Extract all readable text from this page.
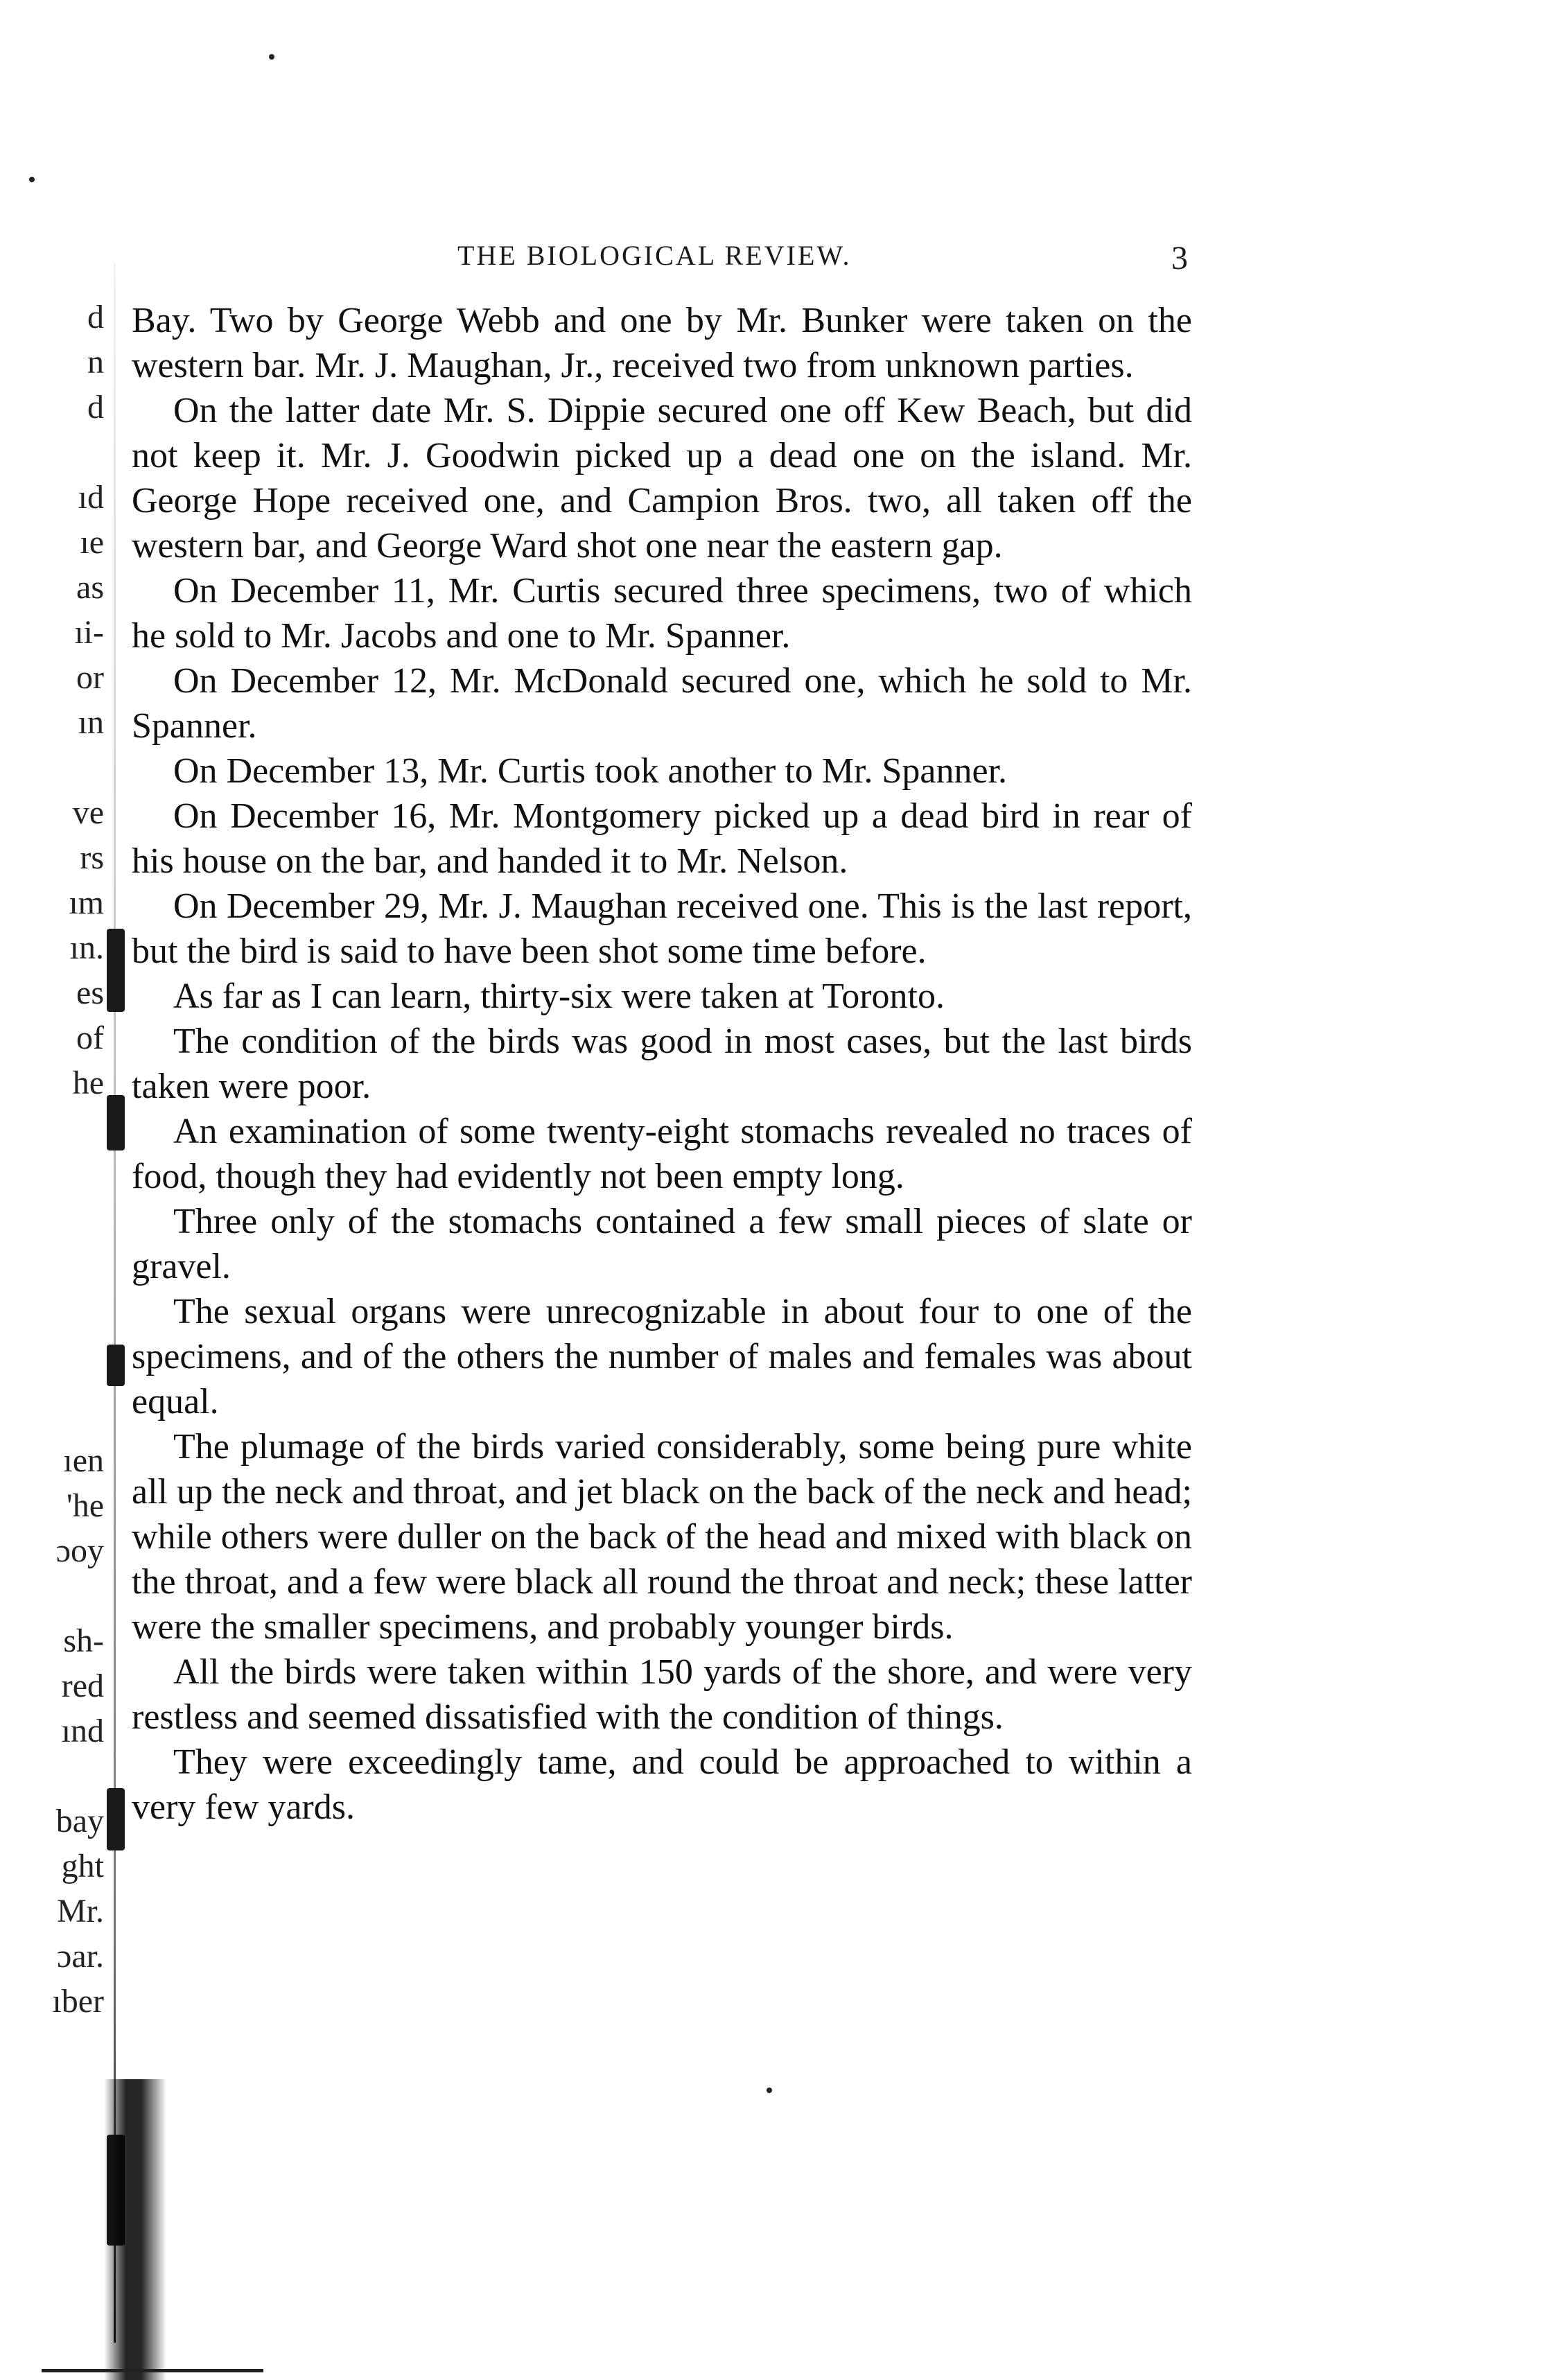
THE BIOLOGICAL REVIEW.	3
d
n
d
ıd
ıe
as
ıi-
or
ın
ve
rs
ım
ın.
es
of
he
ıen
'he
ɔoy
sh-
red
ınd
bay
ght
Mr.
ɔar.
ıber

Bay. Two by George Webb and one by Mr. Bunker were taken on the western bar. Mr. J. Maughan, Jr., received two from unknown parties.

On the latter date Mr. S. Dippie secured one off Kew Beach, but did not keep it. Mr. J. Goodwin picked up a dead one on the island. Mr. George Hope received one, and Campion Bros. two, all taken off the western bar, and George Ward shot one near the eastern gap.

On December 11, Mr. Curtis secured three specimens, two of which he sold to Mr. Jacobs and one to Mr. Spanner.

On December 12, Mr. McDonald secured one, which he sold to Mr. Spanner.

On December 13, Mr. Curtis took another to Mr. Spanner.

On December 16, Mr. Montgomery picked up a dead bird in rear of his house on the bar, and handed it to Mr. Nelson.

On December 29, Mr. J. Maughan received one. This is the last report, but the bird is said to have been shot some time before.

As far as I can learn, thirty-six were taken at Toronto.

The condition of the birds was good in most cases, but the last birds taken were poor.

An examination of some twenty-eight stomachs revealed no traces of food, though they had evidently not been empty long.

Three only of the stomachs contained a few small pieces of slate or gravel.

The sexual organs were unrecognizable in about four to one of the specimens, and of the others the number of males and females was about equal.

The plumage of the birds varied considerably, some being pure white all up the neck and throat, and jet black on the back of the neck and head; while others were duller on the back of the head and mixed with black on the throat, and a few were black all round the throat and neck; these latter were the smaller specimens, and probably younger birds.

All the birds were taken within 150 yards of the shore, and were very restless and seemed dissatisfied with the condition of things.

They were exceedingly tame, and could be approached to within a very few yards.
